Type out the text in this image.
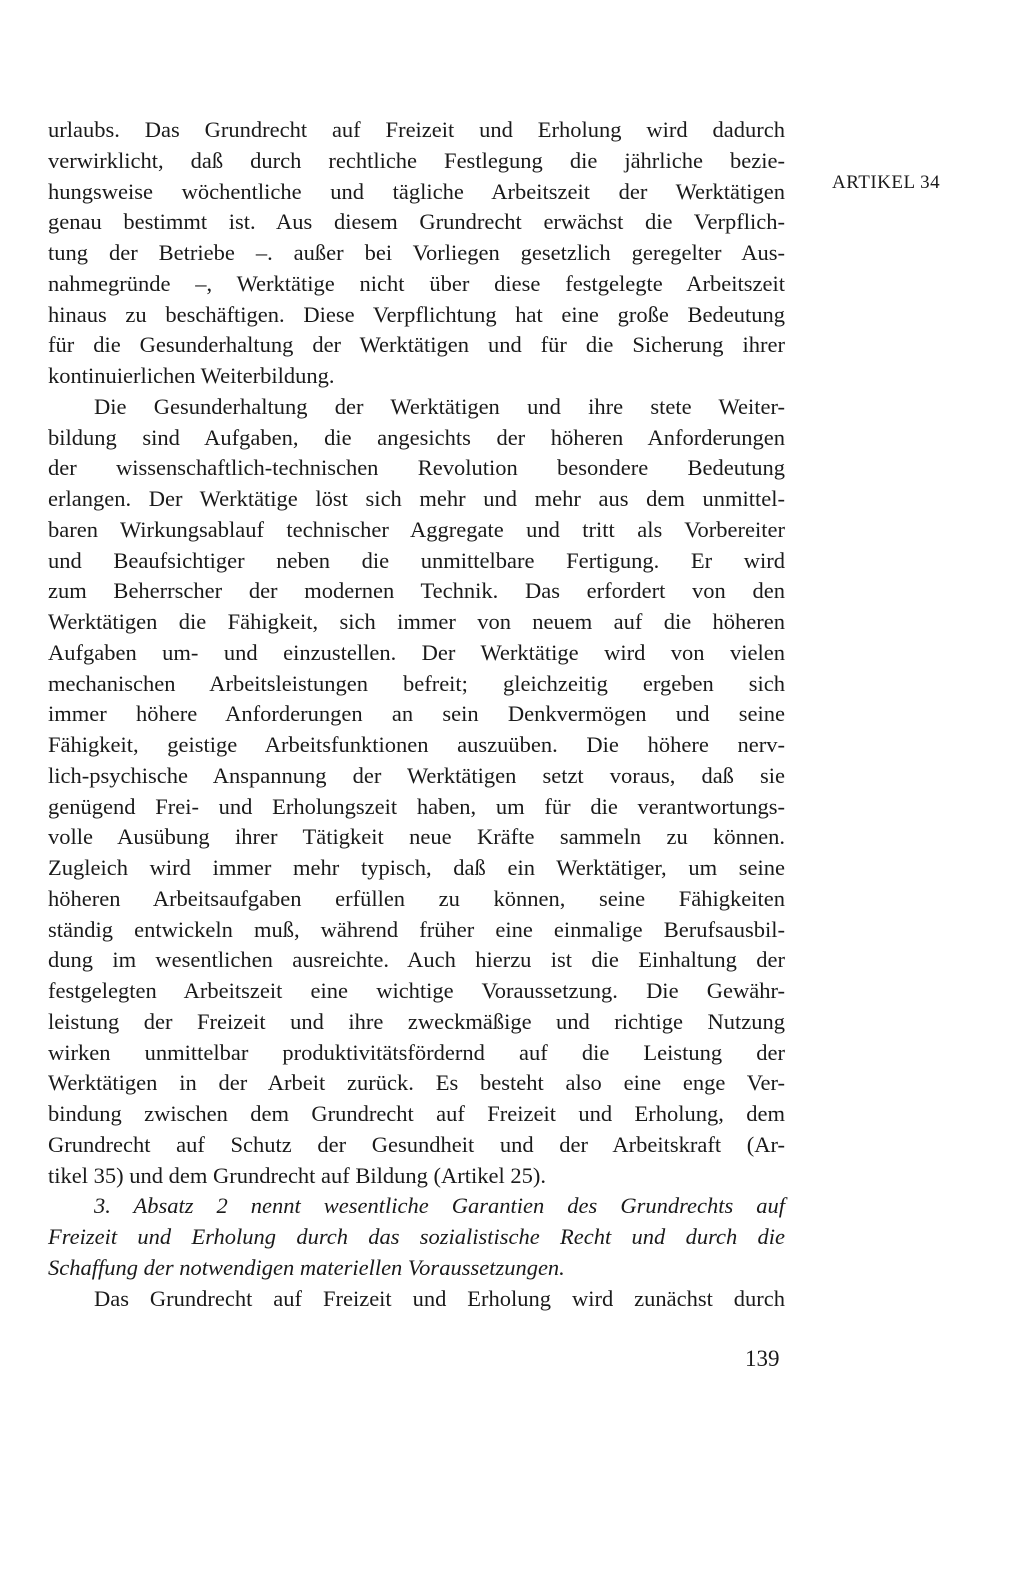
ARTIKEL 34
urlaubs. Das Grundrecht auf Freizeit und Erholung wird dadurch
verwirklicht, daß durch rechtliche Festlegung die jährliche bezie-
hungsweise wöchentliche und tägliche Arbeitszeit der Werktätigen
genau bestimmt ist. Aus diesem Grundrecht erwächst die Verpflich-
tung der Betriebe –. außer bei Vorliegen gesetzlich geregelter Aus-
nahmegründe –, Werktätige nicht über diese festgelegte Arbeitszeit
hinaus zu beschäftigen. Diese Verpflichtung hat eine große Bedeutung
für die Gesunderhaltung der Werktätigen und für die Sicherung ihrer
kontinuierlichen Weiterbildung.
Die Gesunderhaltung der Werktätigen und ihre stete Weiter-
bildung sind Aufgaben, die angesichts der höheren Anforderungen
der wissenschaftlich-technischen Revolution besondere Bedeutung
erlangen. Der Werktätige löst sich mehr und mehr aus dem unmittel-
baren Wirkungsablauf technischer Aggregate und tritt als Vorbereiter
und Beaufsichtiger neben die unmittelbare Fertigung. Er wird
zum Beherrscher der modernen Technik. Das erfordert von den
Werktätigen die Fähigkeit, sich immer von neuem auf die höheren
Aufgaben um- und einzustellen. Der Werktätige wird von vielen
mechanischen Arbeitsleistungen befreit; gleichzeitig ergeben sich
immer höhere Anforderungen an sein Denkvermögen und seine
Fähigkeit, geistige Arbeitsfunktionen auszuüben. Die höhere nerv-
lich-psychische Anspannung der Werktätigen setzt voraus, daß sie
genügend Frei- und Erholungszeit haben, um für die verantwortungs-
volle Ausübung ihrer Tätigkeit neue Kräfte sammeln zu können.
Zugleich wird immer mehr typisch, daß ein Werktätiger, um seine
höheren Arbeitsaufgaben erfüllen zu können, seine Fähigkeiten
ständig entwickeln muß, während früher eine einmalige Berufsausbil-
dung im wesentlichen ausreichte. Auch hierzu ist die Einhaltung der
festgelegten Arbeitszeit eine wichtige Voraussetzung. Die Gewähr-
leistung der Freizeit und ihre zweckmäßige und richtige Nutzung
wirken unmittelbar produktivitätsfördernd auf die Leistung der
Werktätigen in der Arbeit zurück. Es besteht also eine enge Ver-
bindung zwischen dem Grundrecht auf Freizeit und Erholung, dem
Grundrecht auf Schutz der Gesundheit und der Arbeitskraft (Ar-
tikel 35) und dem Grundrecht auf Bildung (Artikel 25).
3. Absatz 2 nennt wesentliche Garantien des Grundrechts auf
Freizeit und Erholung durch das sozialistische Recht und durch die
Schaffung der notwendigen materiellen Voraussetzungen.
Das Grundrecht auf Freizeit und Erholung wird zunächst durch
139
